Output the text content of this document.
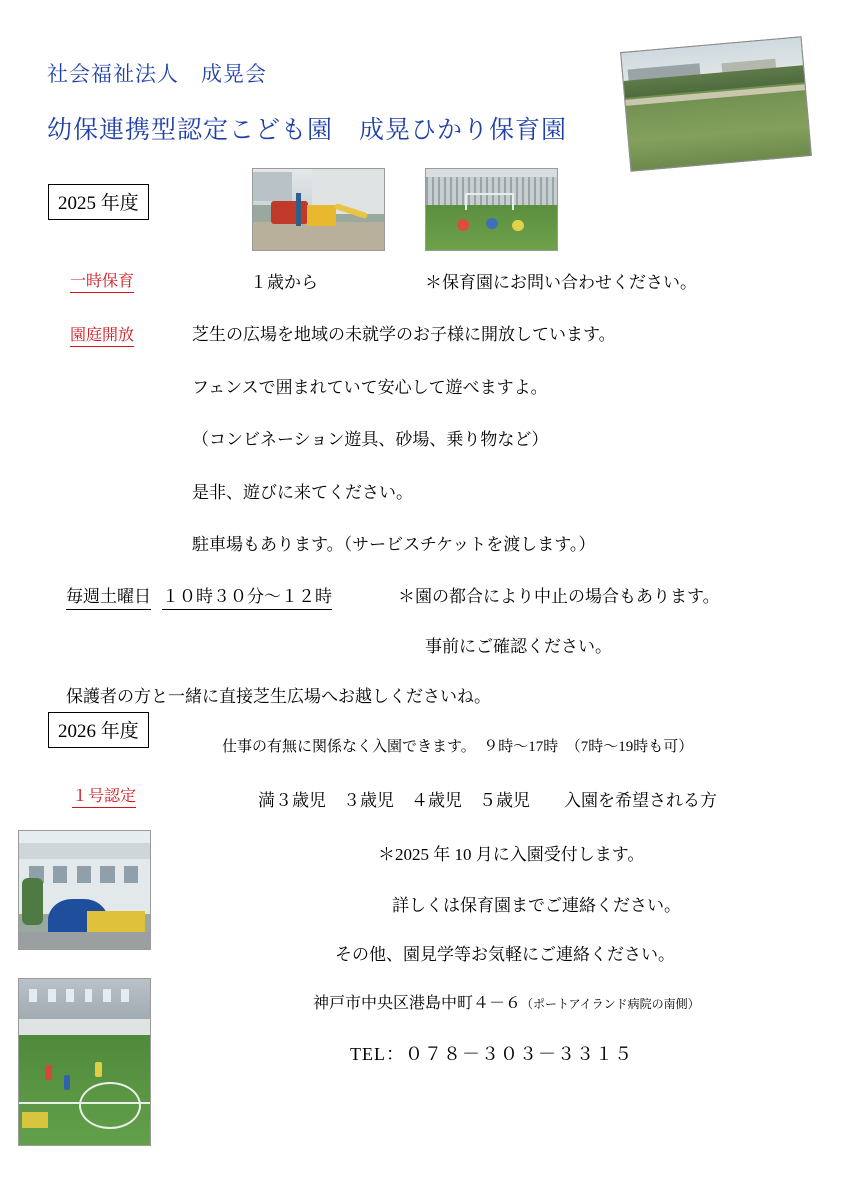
社会福祉法人　成晃会
幼保連携型認定こども園　成晃ひかり保育園
2025 年度
一時保育	１歳から	＊保育園にお問い合わせください。
園庭開放	芝生の広場を地域の未就学のお子様に開放しています。
フェンスで囲まれていて安心して遊べますよ。
（コンビネーション遊具、砂場、乗り物など）
是非、遊びに来てください。
駐車場もあります。（サービスチケットを渡します。）
毎週土曜日 １０時３０分〜１２時	＊園の都合により中止の場合もあります。
事前にご確認ください。
保護者の方と一緒に直接芝生広場へお越しくださいね。
2026 年度
仕事の有無に関係なく入園できます。　９時〜17時　（7時〜19時も可）
１号認定	満３歳児　３歳児　４歳児　５歳児　　入園を希望される方
＊2025 年 10 月に入園受付します。
詳しくは保育園までご連絡ください。
その他、園見学等お気軽にご連絡ください。
神戸市中央区港島中町４－６（ポートアイランド病院の南側）
TEL：０７８－３０３－３３１５
